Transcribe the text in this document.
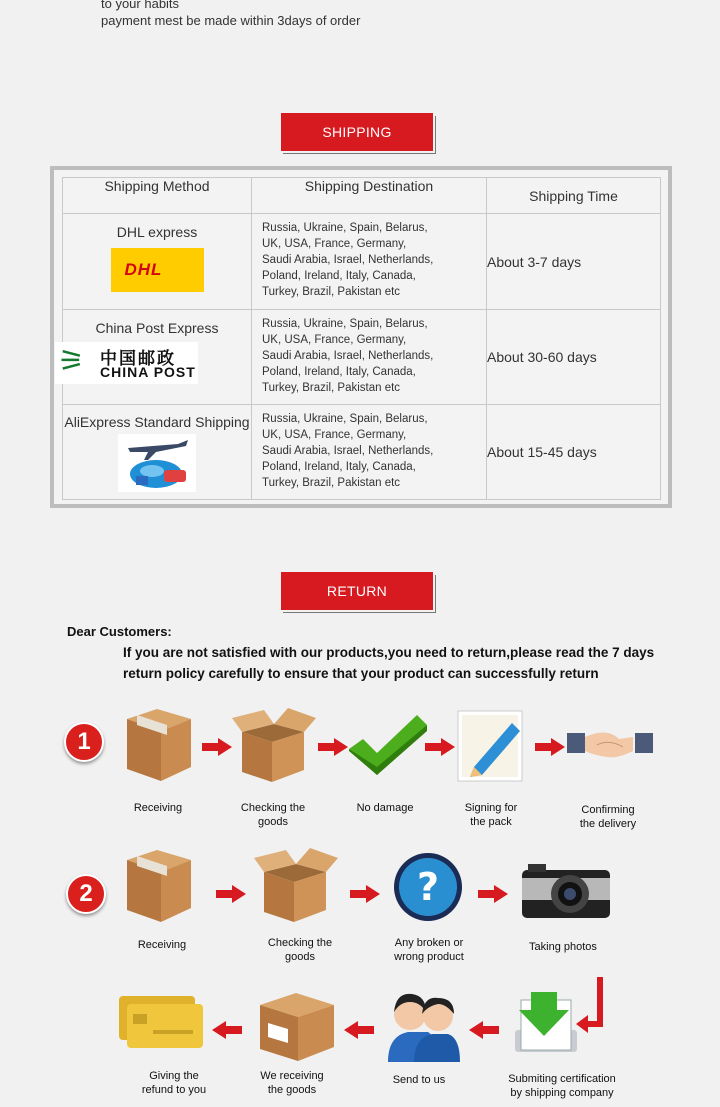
to your habits
payment mest be made within 3days of order
SHIPPING
Shipping Method	Shipping Destination	Shipping Time

DHL express
DHL	Russia, Ukraine, Spain, Belarus,
UK, USA, France, Germany,
Saudi Arabia, Israel, Netherlands,
Poland, Ireland, Italy, Canada,
Turkey, Brazil, Pakistan etc	About 3-7 days

China Post Express
⚞ 中国邮政
CHINA POST	Russia, Ukraine, Spain, Belarus,
UK, USA, France, Germany,
Saudi Arabia, Israel, Netherlands,
Poland, Ireland, Italy, Canada,
Turkey, Brazil, Pakistan etc	About 30-60 days

AliExpress Standard Shipping	Russia, Ukraine, Spain, Belarus,
UK, USA, France, Germany,
Saudi Arabia, Israel, Netherlands,
Poland, Ireland, Italy, Canada,
Turkey, Brazil, Pakistan etc	About 15-45 days
RETURN
Dear Customers:
If you are not satisfied with our products,you need to return,please read the 7 days
return policy carefully to ensure that your product can successfully return
1
Receiving	Checking the
goods
No damage	Signing for
the pack
Confirming
the delivery
2	?
Receiving	Checking the
goods
Any broken or
wrong product
Taking photos
Giving the
refund to you
We receiving
the goods
Send to us	Submiting certification
by shipping company
